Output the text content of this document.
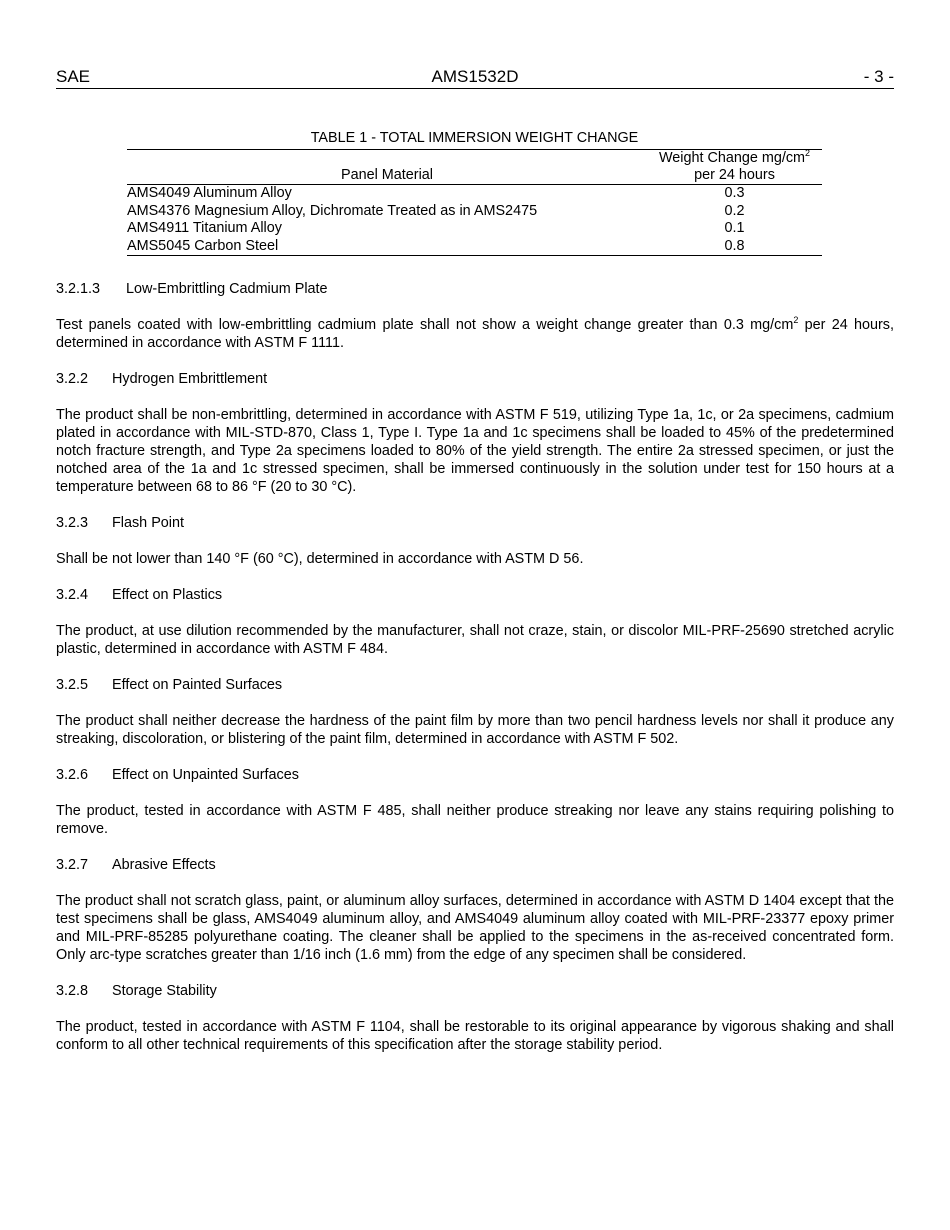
SAE	AMS1532D	- 3 -
TABLE 1 - TOTAL IMMERSION WEIGHT CHANGE
Panel Material	Weight Change $mg/cm^2$
per 24 hours
AMS4049 Aluminum Alloy	0.3
AMS4376 Magnesium Alloy, Dichromate Treated as in AMS2475	0.2
AMS4911 Titanium Alloy	0.1
AMS5045 Carbon Steel	0.8
3.2.1.3 Low-Embrittling Cadmium Plate

Test panels coated with low-embrittling cadmium plate shall not show a weight change greater than 0.3 $mg/cm^2$ per 24 hours, determined in accordance with ASTM F 1111.

3.2.2 Hydrogen Embrittlement

The product shall be non-embrittling, determined in accordance with ASTM F 519, utilizing Type 1a, 1c, or 2a specimens, cadmium plated in accordance with MIL-STD-870, Class 1, Type I. Type 1a and 1c specimens shall be loaded to 45% of the predetermined notch fracture strength, and Type 2a specimens loaded to 80% of the yield strength. The entire 2a stressed specimen, or just the notched area of the 1a and 1c stressed specimen, shall be immersed continuously in the solution under test for 150 hours at a temperature between 68 to 86 °F (20 to 30 °C).

3.2.3 Flash Point

Shall be not lower than 140 °F (60 °C), determined in accordance with ASTM D 56.

3.2.4 Effect on Plastics

The product, at use dilution recommended by the manufacturer, shall not craze, stain, or discolor MIL-PRF-25690 stretched acrylic plastic, determined in accordance with ASTM F 484.

3.2.5 Effect on Painted Surfaces

The product shall neither decrease the hardness of the paint film by more than two pencil hardness levels nor shall it produce any streaking, discoloration, or blistering of the paint film, determined in accordance with ASTM F 502.

3.2.6 Effect on Unpainted Surfaces

The product, tested in accordance with ASTM F 485, shall neither produce streaking nor leave any stains requiring polishing to remove.

3.2.7 Abrasive Effects

The product shall not scratch glass, paint, or aluminum alloy surfaces, determined in accordance with ASTM D 1404 except that the test specimens shall be glass, AMS4049 aluminum alloy, and AMS4049 aluminum alloy coated with MIL-PRF-23377 epoxy primer and MIL-PRF-85285 polyurethane coating. The cleaner shall be applied to the specimens in the as-received concentrated form. Only arc-type scratches greater than 1/16 inch (1.6 mm) from the edge of any specimen shall be considered.

3.2.8 Storage Stability

The product, tested in accordance with ASTM F 1104, shall be restorable to its original appearance by vigorous shaking and shall conform to all other technical requirements of this specification after the storage stability period.
